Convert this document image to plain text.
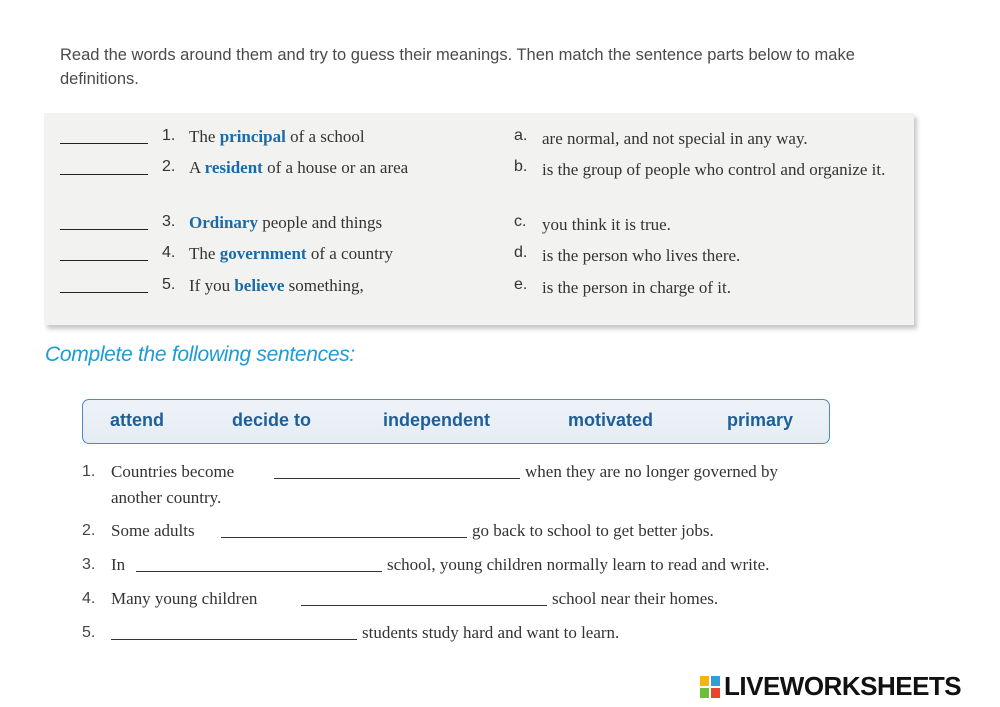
Read the words around them and try to guess their meanings. Then match the sentence parts below to make definitions.
1. The principal of a school	a. are normal, and not special in any way.
2. A resident of a house or an area	b. is the group of people who control and organize it.
3. Ordinary people and things	c. you think it is true.
4. The government of a country	d. is the person who lives there.
5. If you believe something,	e. is the person in charge of it.
Complete the following sentences:
attend	decide to	independent	motivated	primary
1. Countries become	when they are no longer governed by
another country.
2. Some adults	go back to school to get better jobs.
3. In	school, young children normally learn to read and write.
4. Many young children	school near their homes.
5.	students study hard and want to learn.
LIVEWORKSHEETS
